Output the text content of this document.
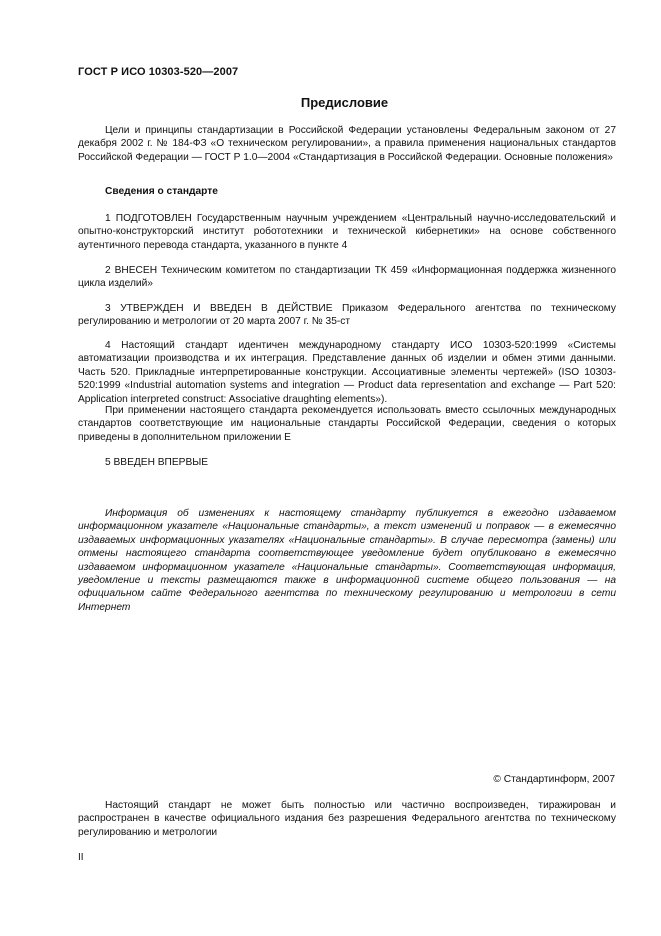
ГОСТ Р ИСО 10303-520—2007
Предисловие

Цели и принципы стандартизации в Российской Федерации установлены Федеральным законом от 27 декабря 2002 г. № 184-ФЗ «О техническом регулировании», а правила применения национальных стандартов Российской Федерации — ГОСТ Р 1.0—2004 «Стандартизация в Российской Федерации. Основные положения»

Сведения о стандарте

1 ПОДГОТОВЛЕН Государственным научным учреждением «Центральный научно-исследовательский и опытно-конструкторский институт робототехники и технической кибернетики» на основе собственного аутентичного перевода стандарта, указанного в пункте 4

2 ВНЕСЕН Техническим комитетом по стандартизации ТК 459 «Информационная поддержка жизненного цикла изделий»

3 УТВЕРЖДЕН И ВВЕДЕН В ДЕЙСТВИЕ Приказом Федерального агентства по техническому регулированию и метрологии от 20 марта 2007 г. № 35-ст

4 Настоящий стандарт идентичен международному стандарту ИСО 10303-520:1999 «Системы автоматизации производства и их интеграция. Представление данных об изделии и обмен этими данными. Часть 520. Прикладные интерпретированные конструкции. Ассоциативные элементы чертежей» (ISO 10303-520:1999 «Industrial automation systems and integration — Product data representation and exchange — Part 520: Application interpreted construct: Associative draughting elements»).

При применении настоящего стандарта рекомендуется использовать вместо ссылочных международных стандартов соответствующие им национальные стандарты Российской Федерации, сведения о которых приведены в дополнительном приложении Е

5 ВВЕДЕН ВПЕРВЫЕ

Информация об изменениях к настоящему стандарту публикуется в ежегодно издаваемом информационном указателе «Национальные стандарты», а текст изменений и поправок — в ежемесячно издаваемых информационных указателях «Национальные стандарты». В случае пересмотра (замены) или отмены настоящего стандарта соответствующее уведомление будет опубликовано в ежемесячно издаваемом информационном указателе «Национальные стандарты». Соответствующая информация, уведомление и тексты размещаются также в информационной системе общего пользования — на официальном сайте Федерального агентства по техническому регулированию и метрологии в сети Интернет

© Стандартинформ, 2007

Настоящий стандарт не может быть полностью или частично воспроизведен, тиражирован и распространен в качестве официального издания без разрешения Федерального агентства по техническому регулированию и метрологии

II
